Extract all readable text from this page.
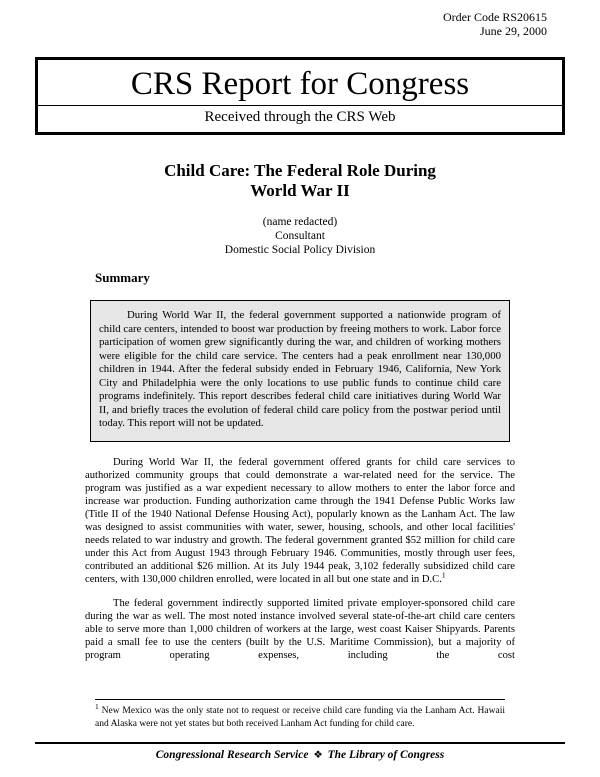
Order Code RS20615
June 29, 2000
CRS Report for Congress
Received through the CRS Web
Child Care: The Federal Role During
World War II
(name redacted)
Consultant
Domestic Social Policy Division
Summary

During World War II, the federal government supported a nationwide program of child care centers, intended to boost war production by freeing mothers to work. Labor force participation of women grew significantly during the war, and children of working mothers were eligible for the child care service. The centers had a peak enrollment near 130,000 children in 1944. After the federal subsidy ended in February 1946, California, New York City and Philadelphia were the only locations to use public funds to continue child care programs indefinitely. This report describes federal child care initiatives during World War II, and briefly traces the evolution of federal child care policy from the postwar period until today. This report will not be updated.

During World War II, the federal government offered grants for child care services to authorized community groups that could demonstrate a war-related need for the service. The program was justified as a war expedient necessary to allow mothers to enter the labor force and increase war production. Funding authorization came through the 1941 Defense Public Works law (Title II of the 1940 National Defense Housing Act), popularly known as the Lanham Act. The law was designed to assist communities with water, sewer, housing, schools, and other local facilities' needs related to war industry and growth. The federal government granted $52 million for child care under this Act from August 1943 through February 1946. Communities, mostly through user fees, contributed an additional $26 million. At its July 1944 peak, 3,102 federally subsidized child care centers, with 130,000 children enrolled, were located in all but one state and in D.C.$^1$

The federal government indirectly supported limited private employer-sponsored child care during the war as well. The most noted instance involved several state-of-the-art child care centers able to serve more than 1,000 children of workers at the large, west coast Kaiser Shipyards. Parents paid a small fee to use the centers (built by the U.S. Maritime Commission), but a majority of program operating expenses, including the cost

$^1$ New Mexico was the only state not to request or receive child care funding via the Lanham Act. Hawaii and Alaska were not yet states but both received Lanham Act funding for child care.

Congressional Research Service ❖ The Library of Congress
